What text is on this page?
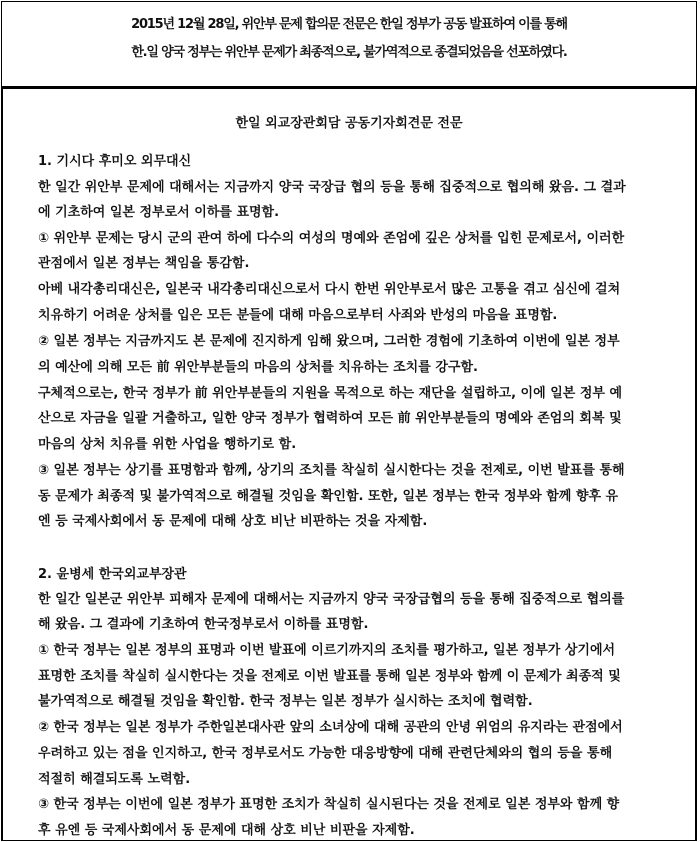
2015년 12월 28일, 위안부 문제 합의문 전문은 한일 정부가 공동 발표하여 이를 통해
한.일 양국 정부는 위안부 문제가 최종적으로, 불가역적으로 종결되었음을 선포하였다.
한일 외교장관회담 공동기자회견문 전문
1. 기시다 후미오 외무대신
한 일간 위안부 문제에 대해서는 지금까지 양국 국장급 협의 등을 통해 집중적으로 협의해 왔음. 그 결과
에 기초하여 일본 정부로서 이하를 표명함.
① 위안부 문제는 당시 군의 관여 하에 다수의 여성의 명예와 존엄에 깊은 상처를 입힌 문제로서, 이러한
관점에서 일본 정부는 책임을 통감함.
아베 내각총리대신은, 일본국 내각총리대신으로서 다시 한번 위안부로서 많은 고통을 겪고 심신에 걸쳐
치유하기 어려운 상처를 입은 모든 분들에 대해 마음으로부터 사죄와 반성의 마음을 표명함.
② 일본 정부는 지금까지도 본 문제에 진지하게 임해 왔으며, 그러한 경험에 기초하여 이번에 일본 정부
의 예산에 의해 모든 前 위안부분들의 마음의 상처를 치유하는 조치를 강구함.
구체적으로는, 한국 정부가 前 위안부분들의 지원을 목적으로 하는 재단을 설립하고, 이에 일본 정부 예
산으로 자금을 일괄 거출하고, 일한 양국 정부가 협력하여 모든 前 위안부분들의 명예와 존엄의 회복 및
마음의 상처 치유를 위한 사업을 행하기로 함.
③ 일본 정부는 상기를 표명함과 함께, 상기의 조치를 착실히 실시한다는 것을 전제로, 이번 발표를 통해
동 문제가 최종적 및 불가역적으로 해결될 것임을 확인함. 또한, 일본 정부는 한국 정부와 함께 향후 유
엔 등 국제사회에서 동 문제에 대해 상호 비난 비판하는 것을 자제함.
2. 윤병세 한국외교부장관
한 일간 일본군 위안부 피해자 문제에 대해서는 지금까지 양국 국장급협의 등을 통해 집중적으로 협의를
해 왔음. 그 결과에 기초하여 한국정부로서 이하를 표명함.
① 한국 정부는 일본 정부의 표명과 이번 발표에 이르기까지의 조치를 평가하고, 일본 정부가 상기에서
표명한 조치를 착실히 실시한다는 것을 전제로 이번 발표를 통해 일본 정부와 함께 이 문제가 최종적 및
불가역적으로 해결될 것임을 확인함. 한국 정부는 일본 정부가 실시하는 조치에 협력함.
② 한국 정부는 일본 정부가 주한일본대사관 앞의 소녀상에 대해 공관의 안녕 위엄의 유지라는 관점에서
우려하고 있는 점을 인지하고, 한국 정부로서도 가능한 대응방향에 대해 관련단체와의 협의 등을 통해
적절히 해결되도록 노력함.
③ 한국 정부는 이번에 일본 정부가 표명한 조치가 착실히 실시된다는 것을 전제로 일본 정부와 함께 향
후 유엔 등 국제사회에서 동 문제에 대해 상호 비난 비판을 자제함.
